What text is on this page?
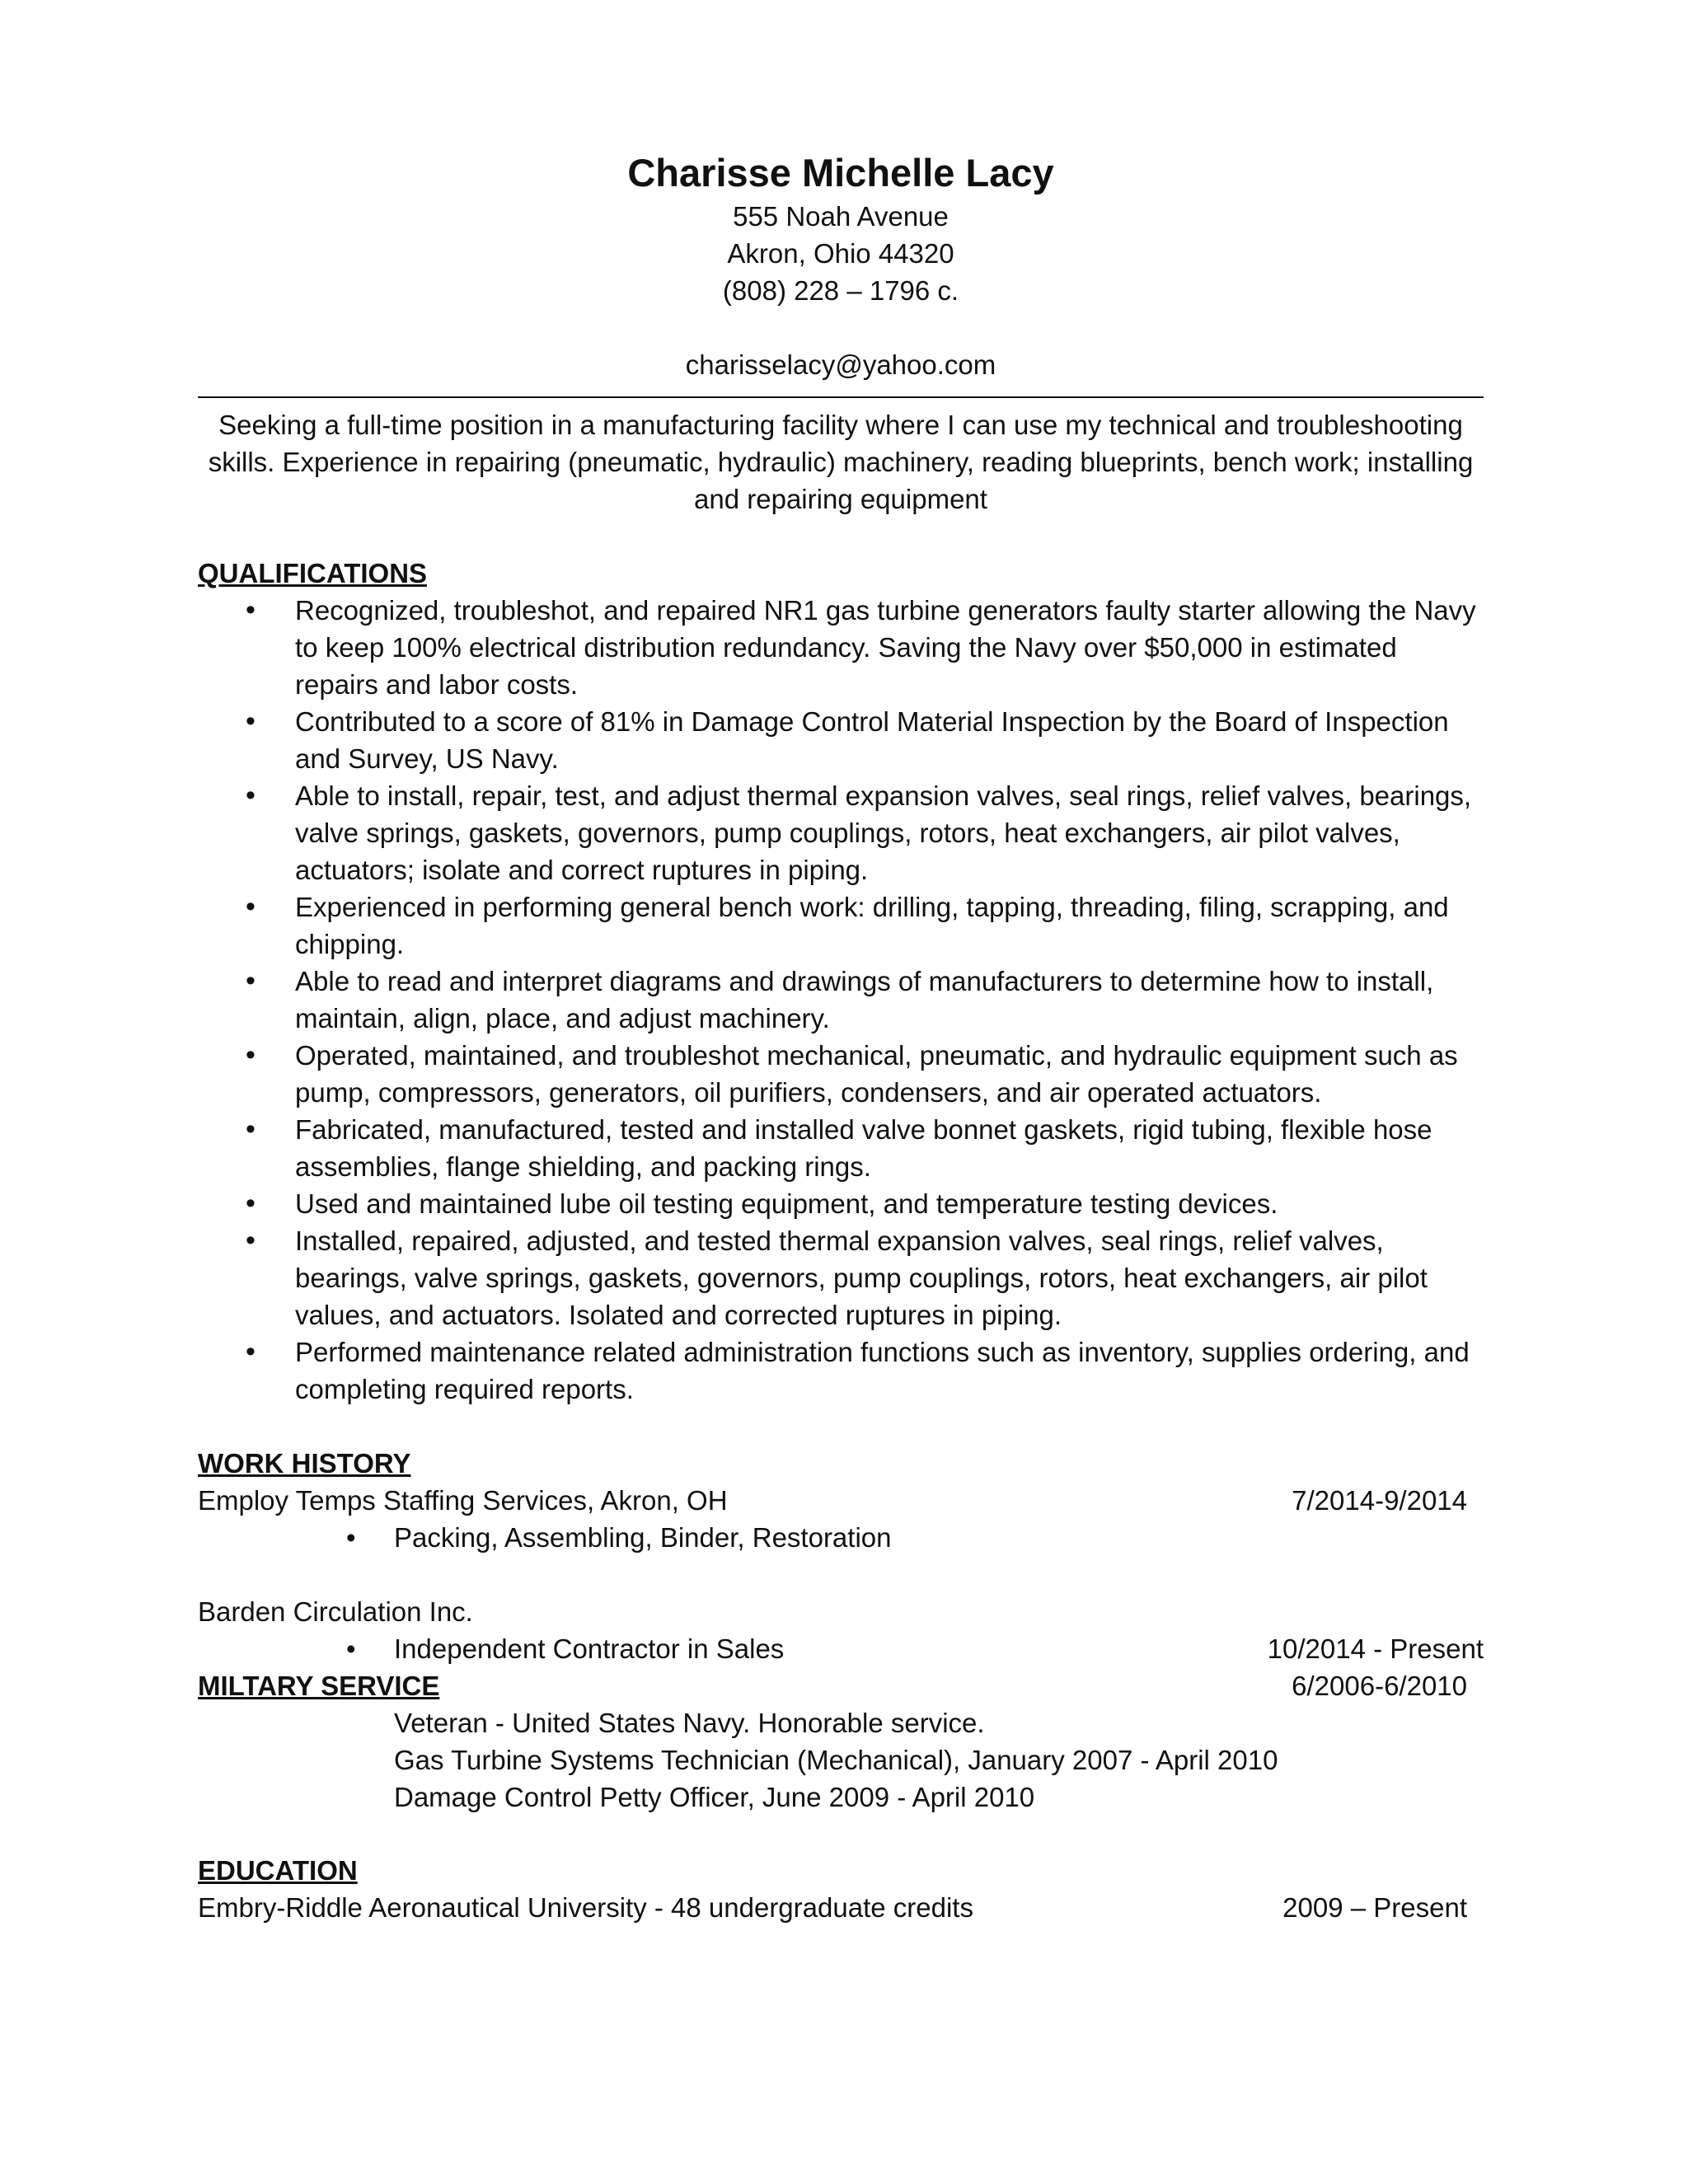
Charisse Michelle Lacy

555 Noah Avenue

Akron, Ohio 44320

(808) 228 – 1796 c.

charisselacy@yahoo.com

Seeking a full-time position in a manufacturing facility where I can use my technical and troubleshooting skills. Experience in repairing (pneumatic, hydraulic) machinery, reading blueprints, bench work; installing and repairing equipment

QUALIFICATIONS

• Recognized, troubleshot, and repaired NR1 gas turbine generators faulty starter allowing the Navy to keep 100% electrical distribution redundancy. Saving the Navy over $50,000 in estimated repairs and labor costs.
• Contributed to a score of 81% in Damage Control Material Inspection by the Board of Inspection and Survey, US Navy.
• Able to install, repair, test, and adjust thermal expansion valves, seal rings, relief valves, bearings, valve springs, gaskets, governors, pump couplings, rotors, heat exchangers, air pilot valves, actuators; isolate and correct ruptures in piping.
• Experienced in performing general bench work: drilling, tapping, threading, filing, scrapping, and chipping.
• Able to read and interpret diagrams and drawings of manufacturers to determine how to install, maintain, align, place, and adjust machinery.
• Operated, maintained, and troubleshot mechanical, pneumatic, and hydraulic equipment such as pump, compressors, generators, oil purifiers, condensers, and air operated actuators.
• Fabricated, manufactured, tested and installed valve bonnet gaskets, rigid tubing, flexible hose assemblies, flange shielding, and packing rings.
• Used and maintained lube oil testing equipment, and temperature testing devices.
• Installed, repaired, adjusted, and tested thermal expansion valves, seal rings, relief valves, bearings, valve springs, gaskets, governors, pump couplings, rotors, heat exchangers, air pilot values, and actuators. Isolated and corrected ruptures in piping.
• Performed maintenance related administration functions such as inventory, supplies ordering, and completing required reports.

WORK HISTORY

Employ Temps Staffing Services, Akron, OH	7/2014-9/2014

• Packing, Assembling, Binder, Restoration

Barden Circulation Inc.

• Independent Contractor in Sales	10/2014 - Present
MILTARY SERVICE	6/2006-6/2010

Veteran - United States Navy. Honorable service.

Gas Turbine Systems Technician (Mechanical), January 2007 - April 2010

Damage Control Petty Officer, June 2009 - April 2010

EDUCATION

Embry-Riddle Aeronautical University - 48 undergraduate credits	2009 – Present
